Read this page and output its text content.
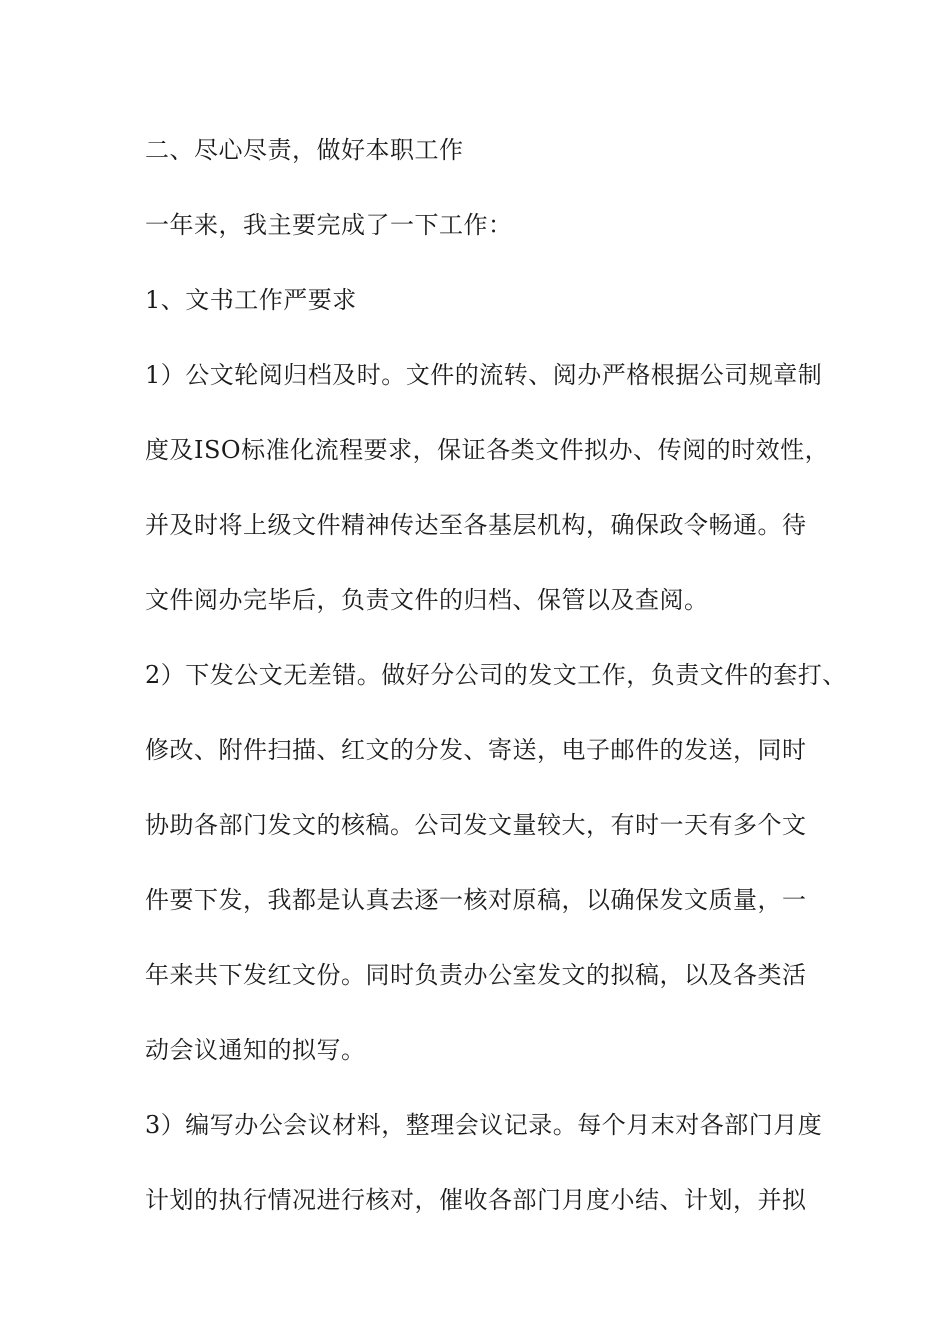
二、尽心尽责，做好本职工作
一年来，我主要完成了一下工作：
1、文书工作严要求
1）公文轮阅归档及时。文件的流转、阅办严格根据公司规章制
度及ISO标准化流程要求，保证各类文件拟办、传阅的时效性，
并及时将上级文件精神传达至各基层机构，确保政令畅通。待
文件阅办完毕后，负责文件的归档、保管以及查阅。
2）下发公文无差错。做好分公司的发文工作，负责文件的套打、
修改、附件扫描、红文的分发、寄送，电子邮件的发送，同时
协助各部门发文的核稿。公司发文量较大，有时一天有多个文
件要下发，我都是认真去逐一核对原稿，以确保发文质量，一
年来共下发红文份。同时负责办公室发文的拟稿，以及各类活
动会议通知的拟写。
3）编写办公会议材料，整理会议记录。每个月末对各部门月度
计划的执行情况进行核对，催收各部门月度小结、计划，并拟
